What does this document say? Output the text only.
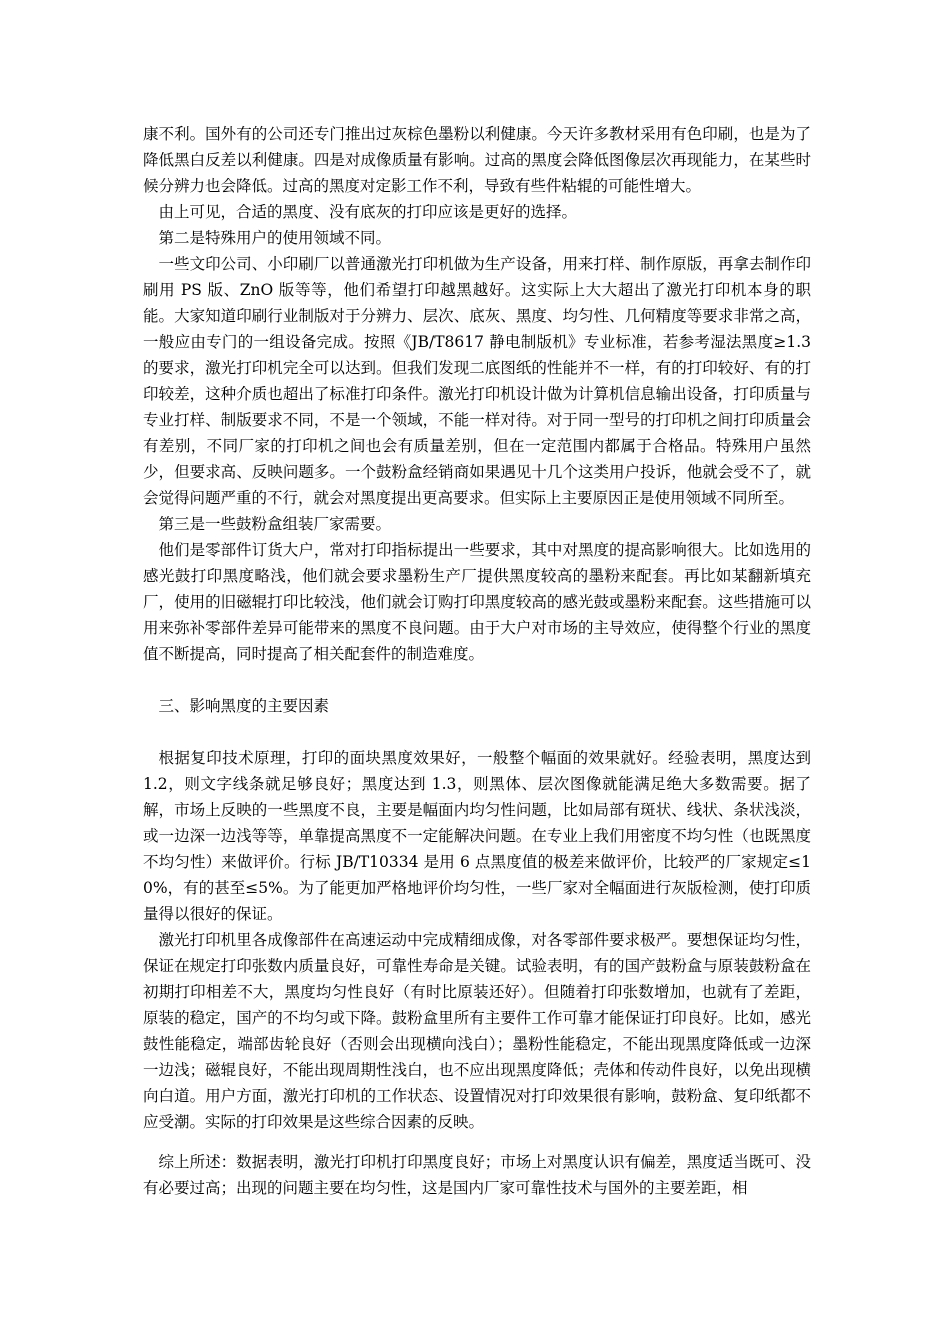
康不利。国外有的公司还专门推出过灰棕色墨粉以利健康。今天许多教材采用有色印刷，也是为了降低黑白反差以利健康。四是对成像质量有影响。过高的黑度会降低图像层次再现能力，在某些时候分辨力也会降低。过高的黑度对定影工作不利，导致有些件粘辊的可能性增大。

由上可见，合适的黑度、没有底灰的打印应该是更好的选择。

第二是特殊用户的使用领域不同。

一些文印公司、小印刷厂以普通激光打印机做为生产设备，用来打样、制作原版，再拿去制作印刷用 PS 版、ZnO 版等等，他们希望打印越黑越好。这实际上大大超出了激光打印机本身的职能。大家知道印刷行业制版对于分辨力、层次、底灰、黑度、均匀性、几何精度等要求非常之高，一般应由专门的一组设备完成。按照《JB/T8617 静电制版机》专业标准，若参考湿法黑度≥1.3 的要求，激光打印机完全可以达到。但我们发现二底图纸的性能并不一样，有的打印较好、有的打印较差，这种介质也超出了标准打印条件。激光打印机设计做为计算机信息输出设备，打印质量与专业打样、制版要求不同，不是一个领域，不能一样对待。对于同一型号的打印机之间打印质量会有差别，不同厂家的打印机之间也会有质量差别，但在一定范围内都属于合格品。特殊用户虽然少，但要求高、反映问题多。一个鼓粉盒经销商如果遇见十几个这类用户投诉，他就会受不了，就会觉得问题严重的不行，就会对黑度提出更高要求。但实际上主要原因正是使用领域不同所至。

第三是一些鼓粉盒组装厂家需要。

他们是零部件订货大户，常对打印指标提出一些要求，其中对黑度的提高影响很大。比如选用的感光鼓打印黑度略浅，他们就会要求墨粉生产厂提供黑度较高的墨粉来配套。再比如某翻新填充厂，使用的旧磁辊打印比较浅，他们就会订购打印黑度较高的感光鼓或墨粉来配套。这些措施可以用来弥补零部件差异可能带来的黑度不良问题。由于大户对市场的主导效应，使得整个行业的黑度值不断提高，同时提高了相关配套件的制造难度。

三、影响黑度的主要因素

根据复印技术原理，打印的面块黑度效果好，一般整个幅面的效果就好。经验表明，黑度达到 1.2，则文字线条就足够良好；黑度达到 1.3，则黑体、层次图像就能满足绝大多数需要。据了解，市场上反映的一些黑度不良，主要是幅面内均匀性问题，比如局部有斑状、线状、条状浅淡，或一边深一边浅等等，单靠提高黑度不一定能解决问题。在专业上我们用密度不均匀性（也既黑度不均匀性）来做评价。行标 JB/T10334 是用 6 点黑度值的极差来做评价，比较严的厂家规定≤10%，有的甚至≤5%。为了能更加严格地评价均匀性，一些厂家对全幅面进行灰版检测，使打印质量得以很好的保证。

激光打印机里各成像部件在高速运动中完成精细成像，对各零部件要求极严。要想保证均匀性，保证在规定打印张数内质量良好，可靠性寿命是关键。试验表明，有的国产鼓粉盒与原装鼓粉盒在初期打印相差不大，黑度均匀性良好（有时比原装还好）。但随着打印张数增加，也就有了差距，原装的稳定，国产的不均匀或下降。鼓粉盒里所有主要件工作可靠才能保证打印良好。比如，感光鼓性能稳定，端部齿轮良好（否则会出现横向浅白）；墨粉性能稳定，不能出现黑度降低或一边深一边浅；磁辊良好，不能出现周期性浅白，也不应出现黑度降低；壳体和传动件良好，以免出现横向白道。用户方面，激光打印机的工作状态、设置情况对打印效果很有影响，鼓粉盒、复印纸都不应受潮。实际的打印效果是这些综合因素的反映。

综上所述：数据表明，激光打印机打印黑度良好；市场上对黑度认识有偏差，黑度适当既可、没有必要过高；出现的问题主要在均匀性，这是国内厂家可靠性技术与国外的主要差距，相
